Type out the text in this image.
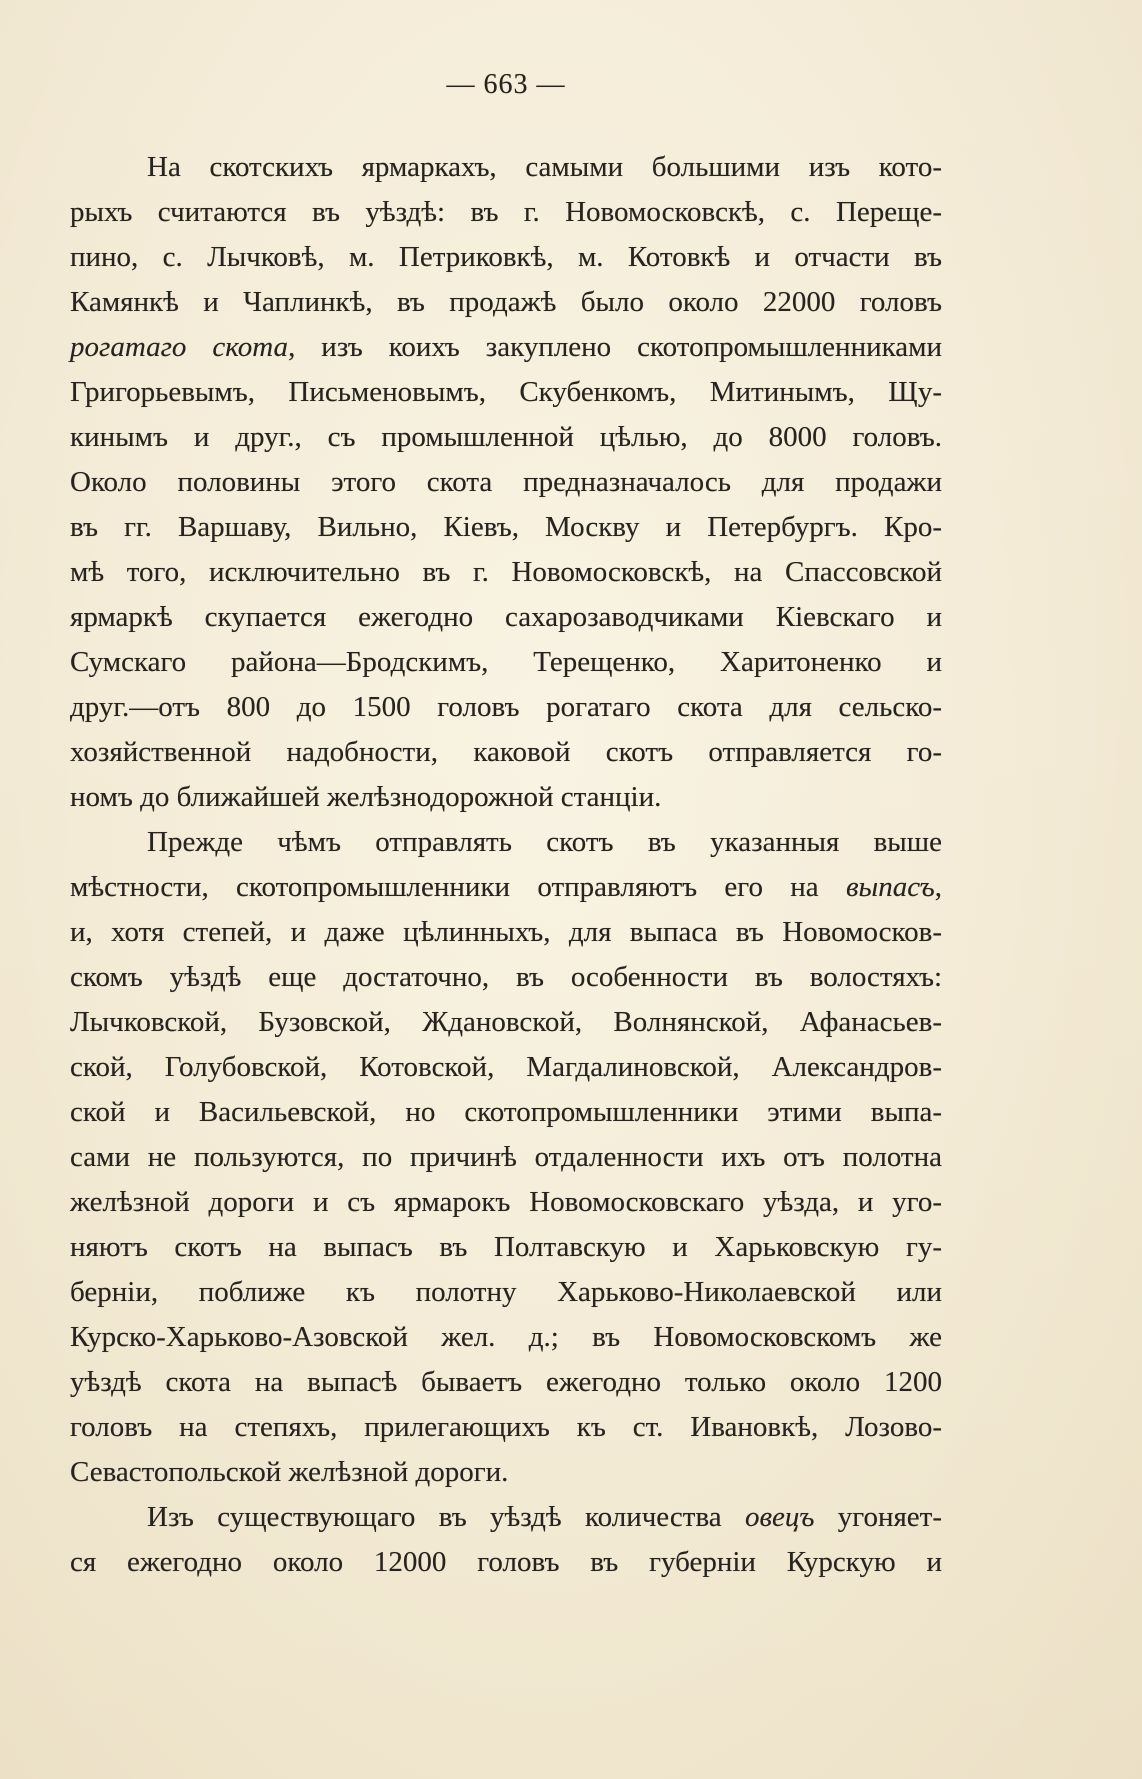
— 663 —
На скотскихъ ярмаркахъ, самыми большими изъ кото-
рыхъ считаются въ уѣздѣ: въ г. Новомосковскѣ, с. Переще-
пино, с. Лычковѣ, м. Петриковкѣ, м. Котовкѣ и отчасти въ
Камянкѣ и Чаплинкѣ, въ продажѣ было около 22000 головъ
рогатаго скота, изъ коихъ закуплено скотопромышленниками
Григорьевымъ, Письменовымъ, Скубенкомъ, Митинымъ, Щу-
кинымъ и друг., съ промышленной цѣлью, до 8000 головъ.
Около половины этого скота предназначалось для продажи
въ гг. Варшаву, Вильно, Кіевъ, Москву и Петербургъ. Кро-
мѣ того, исключительно въ г. Новомосковскѣ, на Спассовской
ярмаркѣ скупается ежегодно сахарозаводчиками Кіевскаго и
Сумскаго района—Бродскимъ, Терещенко, Харитоненко и
друг.—отъ 800 до 1500 головъ рогатаго скота для сельско-
хозяйственной надобности, каковой скотъ отправляется го-
номъ до ближайшей желѣзнодорожной станціи.
Прежде чѣмъ отправлять скотъ въ указанныя выше
мѣстности, скотопромышленники отправляютъ его на выпасъ,
и, хотя степей, и даже цѣлинныхъ, для выпаса въ Новомосков-
скомъ уѣздѣ еще достаточно, въ особенности въ волостяхъ:
Лычковской, Бузовской, Ждановской, Волнянской, Афанасьев-
ской, Голубовской, Котовской, Магдалиновской, Александров-
ской и Васильевской, но скотопромышленники этими выпа-
сами не пользуются, по причинѣ отдаленности ихъ отъ полотна
желѣзной дороги и съ ярмарокъ Новомосковскаго уѣзда, и уго-
няютъ скотъ на выпасъ въ Полтавскую и Харьковскую гу-
берніи, поближе къ полотну Харьково-Николаевской или
Курско-Харьково-Азовской жел. д.; въ Новомосковскомъ же
уѣздѣ скота на выпасѣ бываетъ ежегодно только около 1200
головъ на степяхъ, прилегающихъ къ ст. Ивановкѣ, Лозово-
Севастопольской желѣзной дороги.
Изъ существующаго въ уѣздѣ количества овецъ угоняет-
ся ежегодно около 12000 головъ въ губерніи Курскую и
